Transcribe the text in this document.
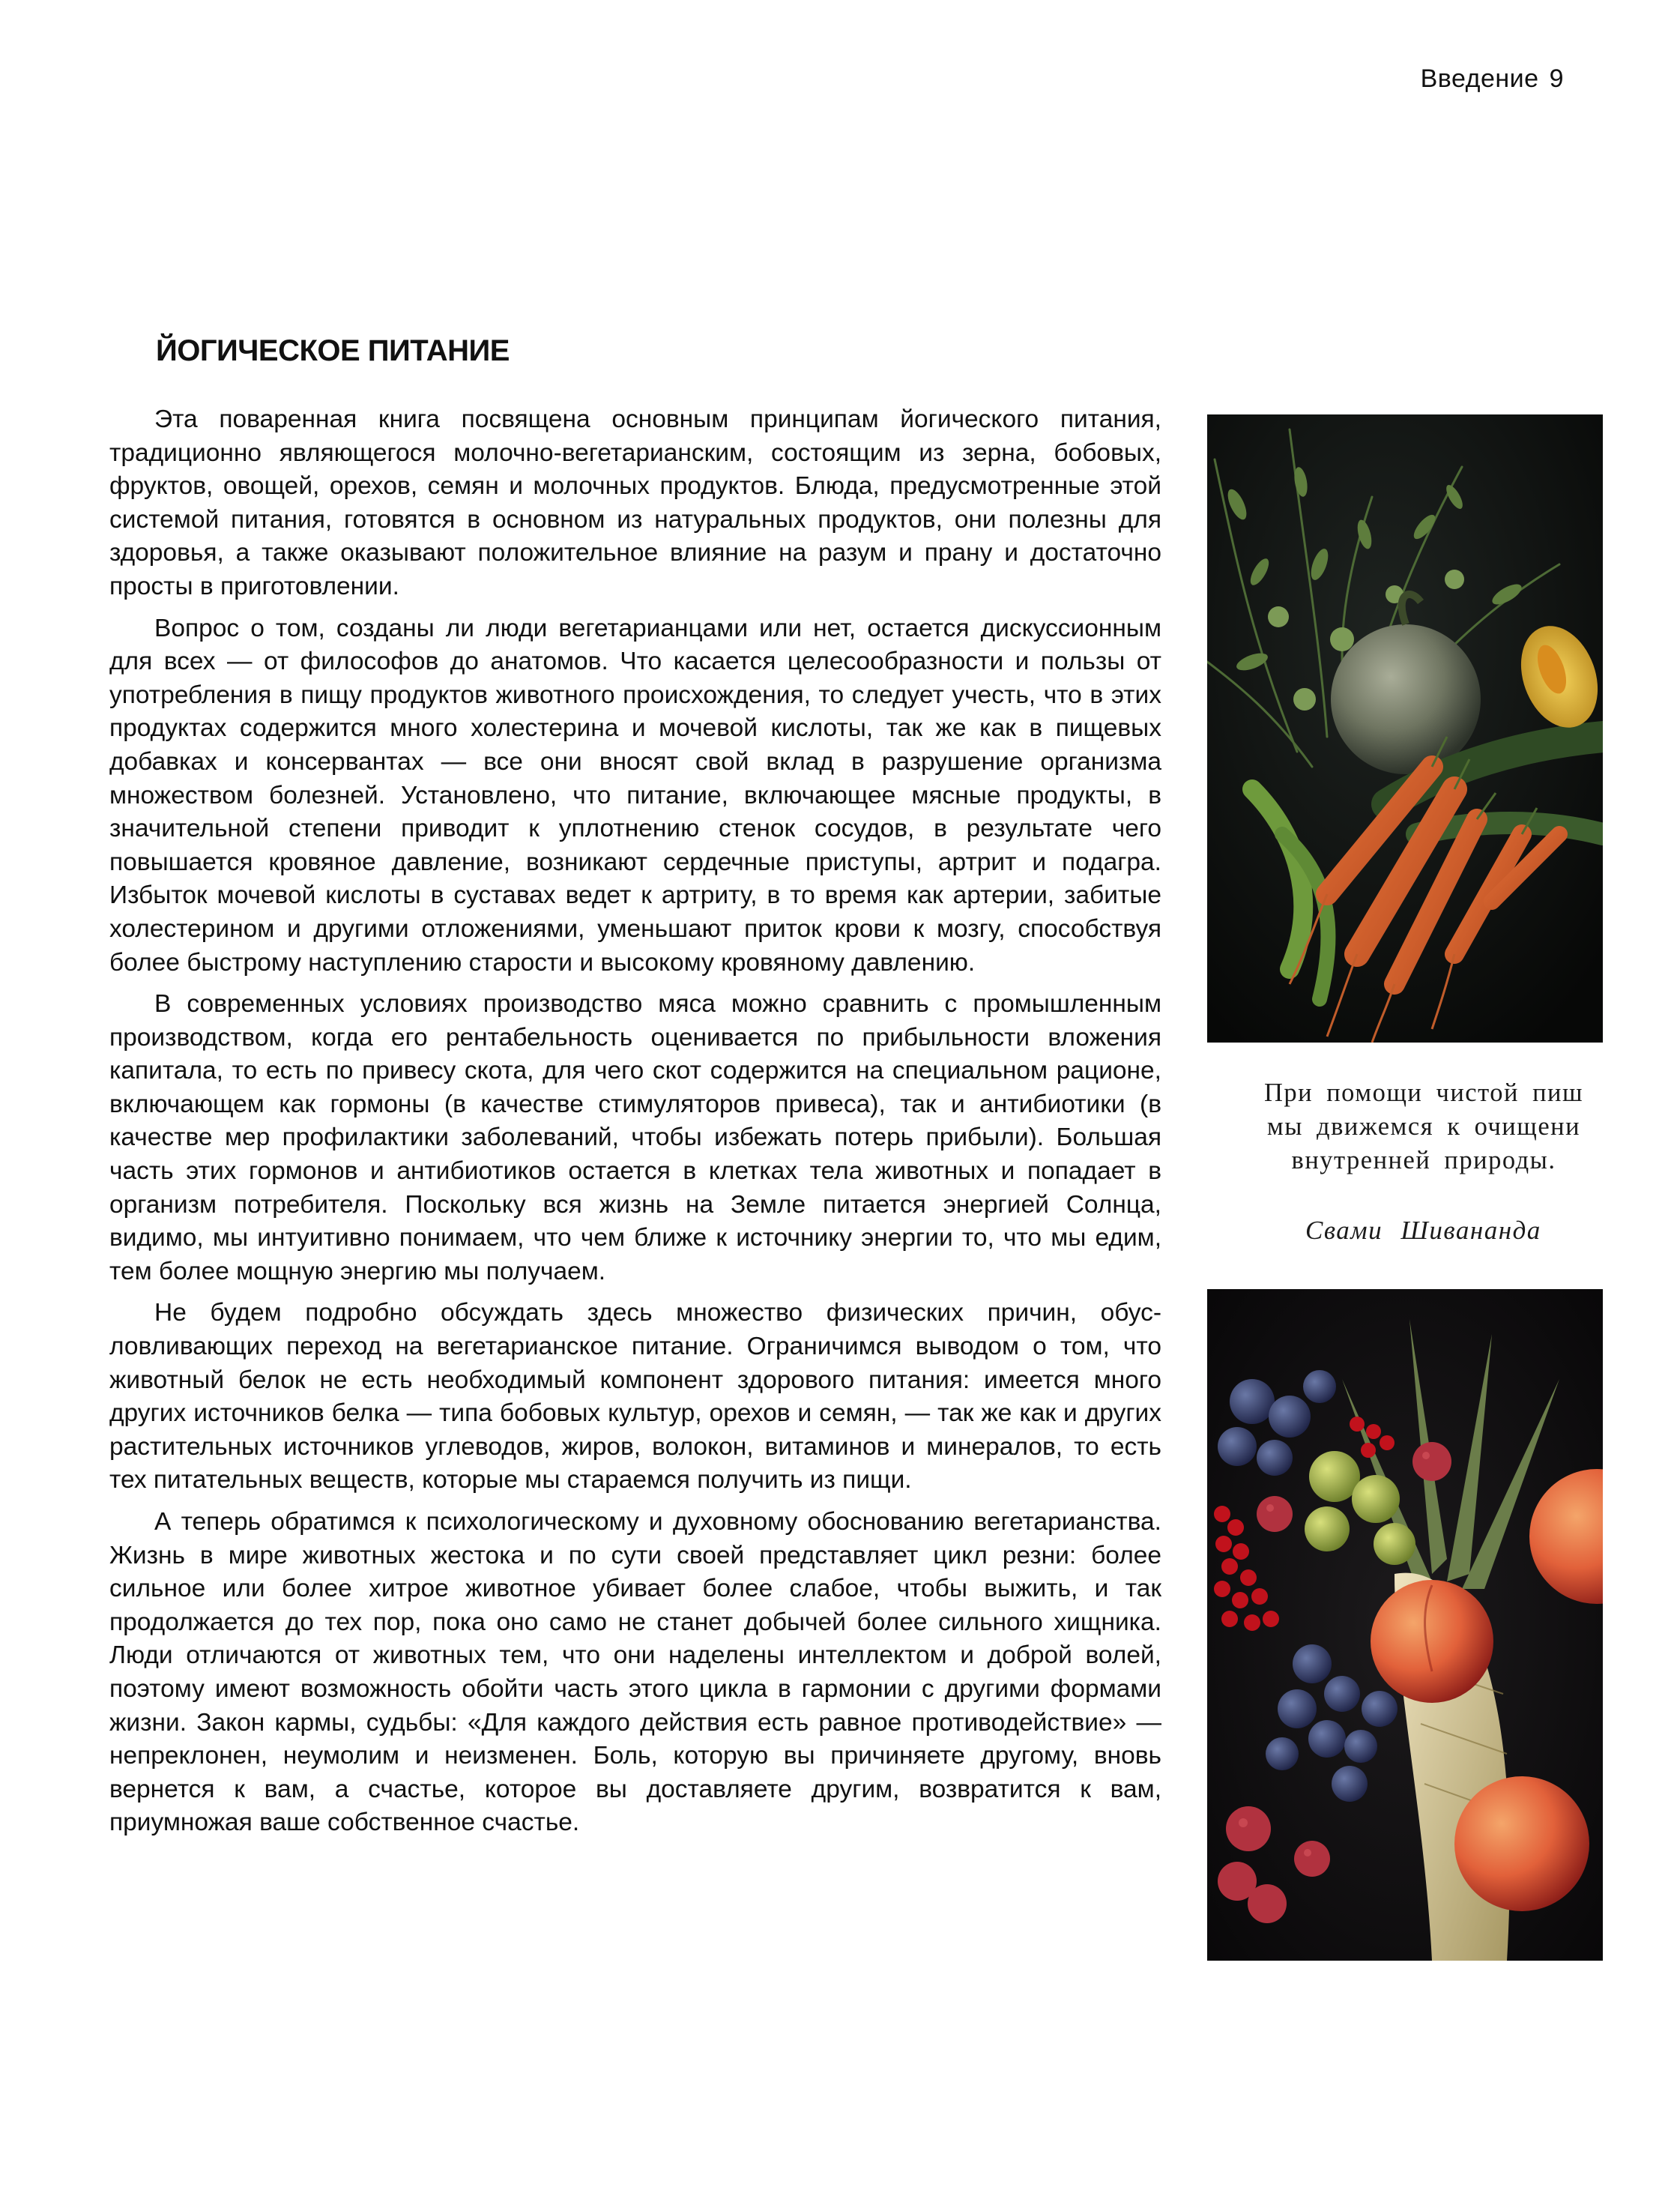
Введение 9
ЙОГИЧЕСКОЕ ПИТАНИЕ

Эта поваренная книга посвящена основным принципам йогического питания, традиционно являющегося молочно-вегетарианским, состоящим из зерна, бобовых, фруктов, овощей, орехов, семян и молочных продуктов. Блюда, предусмотренные этой системой питания, готовятся в основном из натуральных продуктов, они полезны для здоровья, а также оказывают положительное влияние на разум и прану и достаточно просты в приготовлении.

Вопрос о том, созданы ли люди вегетарианцами или нет, остается дискуссионным для всех — от философов до анатомов. Что касается целесообразности и пользы от употребления в пищу продуктов животного происхождения, то следует учесть, что в этих продуктах содержится много холестерина и мочевой кислоты, так же как в пищевых добавках и консервантах — все они вносят свой вклад в разрушение организма множеством болезней. Установлено, что питание, включающее мясные продукты, в значительной степени приводит к уплотнению стенок сосудов, в результате чего повышается кровяное давление, возникают сердечные приступы, артрит и подагра. Избыток мочевой кислоты в суставах ведет к артриту, в то время как артерии, забитые холестерином и другими отложениями, уменьшают приток крови к мозгу, способствуя более быстрому наступлению старости и высокому кровяному давлению.

В современных условиях производство мяса можно сравнить с промышленным производством, когда его рентабельность оценивается по прибыльности вложения капитала, то есть по привесу скота, для чего скот содержится на специальном рационе, включающем как гормоны (в качестве стимуляторов привеса), так и антибиотики (в качестве мер профилактики заболеваний, чтобы избежать потерь прибыли). Большая часть этих гормонов и антибиотиков остается в клетках тела животных и попадает в организм потребителя. Поскольку вся жизнь на Земле питается энергией Солнца, видимо, мы интуитивно понимаем, что чем ближе к источнику энергии то, что мы едим, тем более мощную энергию мы получаем.

Не будем подробно обсуждать здесь множество физических причин, обусловливающих переход на вегетарианское питание. Ограничимся выводом о том, что животный белок не есть необходимый компонент здорового питания: имеется много других источников белка — типа бобовых культур, орехов и семян, — так же как и других растительных источников углеводов, жиров, волокон, витаминов и минералов, то есть тех питательных веществ, которые мы стараемся получить из пищи.

А теперь обратимся к психологическому и духовному обоснованию вегетарианства. Жизнь в мире животных жестока и по сути своей представляет цикл резни: более сильное или более хитрое животное убивает более слабое, чтобы выжить, и так продолжается до тех пор, пока оно само не станет добычей более сильного хищника. Люди отличаются от животных тем, что они наделены интеллектом и доброй волей, поэтому имеют возможность обойти часть этого цикла в гармонии с другими формами жизни. Закон кармы, судьбы: «Для каждого действия есть равное противодействие» — непреклонен, неумолим и неизменен. Боль, которую вы причиняете другому, вновь вернется к вам, а счастье, которое вы доставляете другим, возвратится к вам, приумножая ваше собственное счастье.

При помощи чистой пиш
мы движемся к очищени
внутренней природы.
Свами Шивананда
